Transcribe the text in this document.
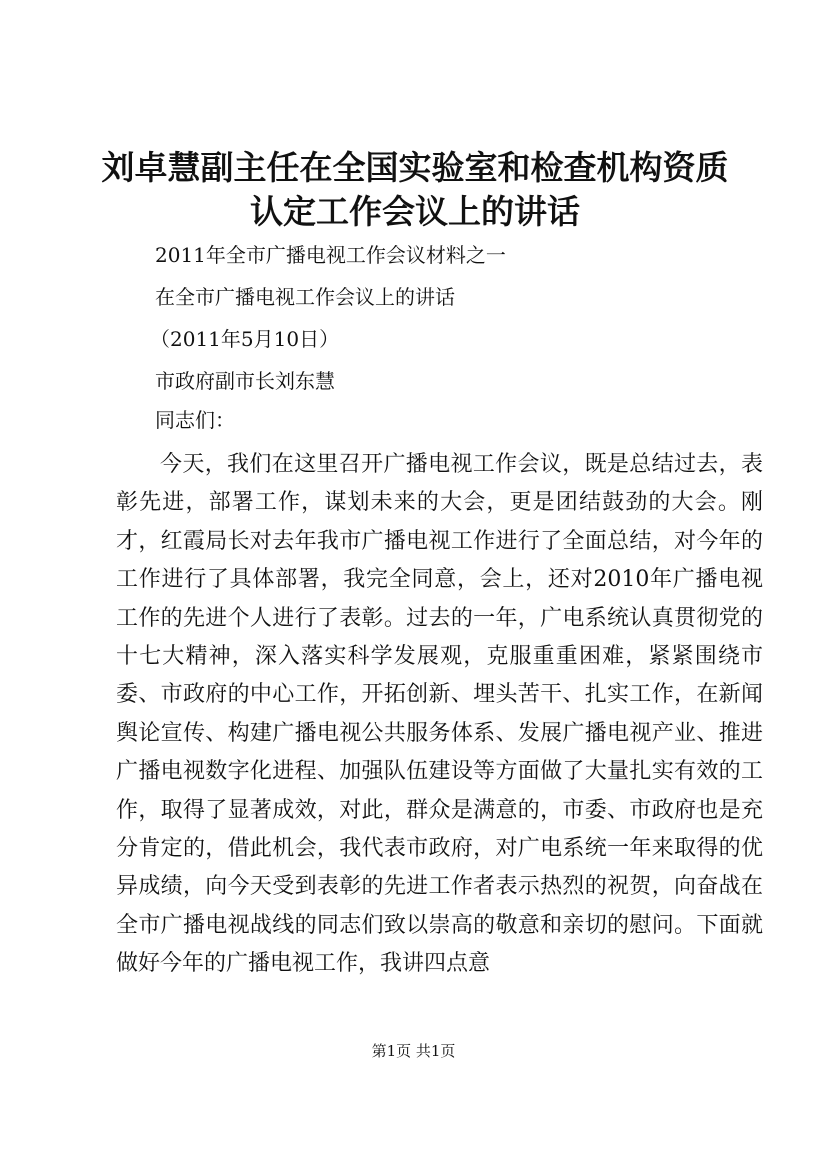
刘卓慧副主任在全国实验室和检查机构资质认定工作会议上的讲话

2011年全市广播电视工作会议材料之一

在全市广播电视工作会议上的讲话

（2011年5月10日）

市政府副市长刘东慧

同志们：

今天，我们在这里召开广播电视工作会议，既是总结过去，表彰先进，部署工作，谋划未来的大会，更是团结鼓劲的大会。刚才，红霞局长对去年我市广播电视工作进行了全面总结，对今年的工作进行了具体部署，我完全同意，会上，还对2010年广播电视工作的先进个人进行了表彰。过去的一年，广电系统认真贯彻党的十七大精神，深入落实科学发展观，克服重重困难，紧紧围绕市委、市政府的中心工作，开拓创新、埋头苦干、扎实工作，在新闻舆论宣传、构建广播电视公共服务体系、发展广播电视产业、推进广播电视数字化进程、加强队伍建设等方面做了大量扎实有效的工作，取得了显著成效，对此，群众是满意的，市委、市政府也是充分肯定的，借此机会，我代表市政府，对广电系统一年来取得的优异成绩，向今天受到表彰的先进工作者表示热烈的祝贺，向奋战在全市广播电视战线的同志们致以崇高的敬意和亲切的慰问。下面就做好今年的广播电视工作，我讲四点意

第1页 共1页
